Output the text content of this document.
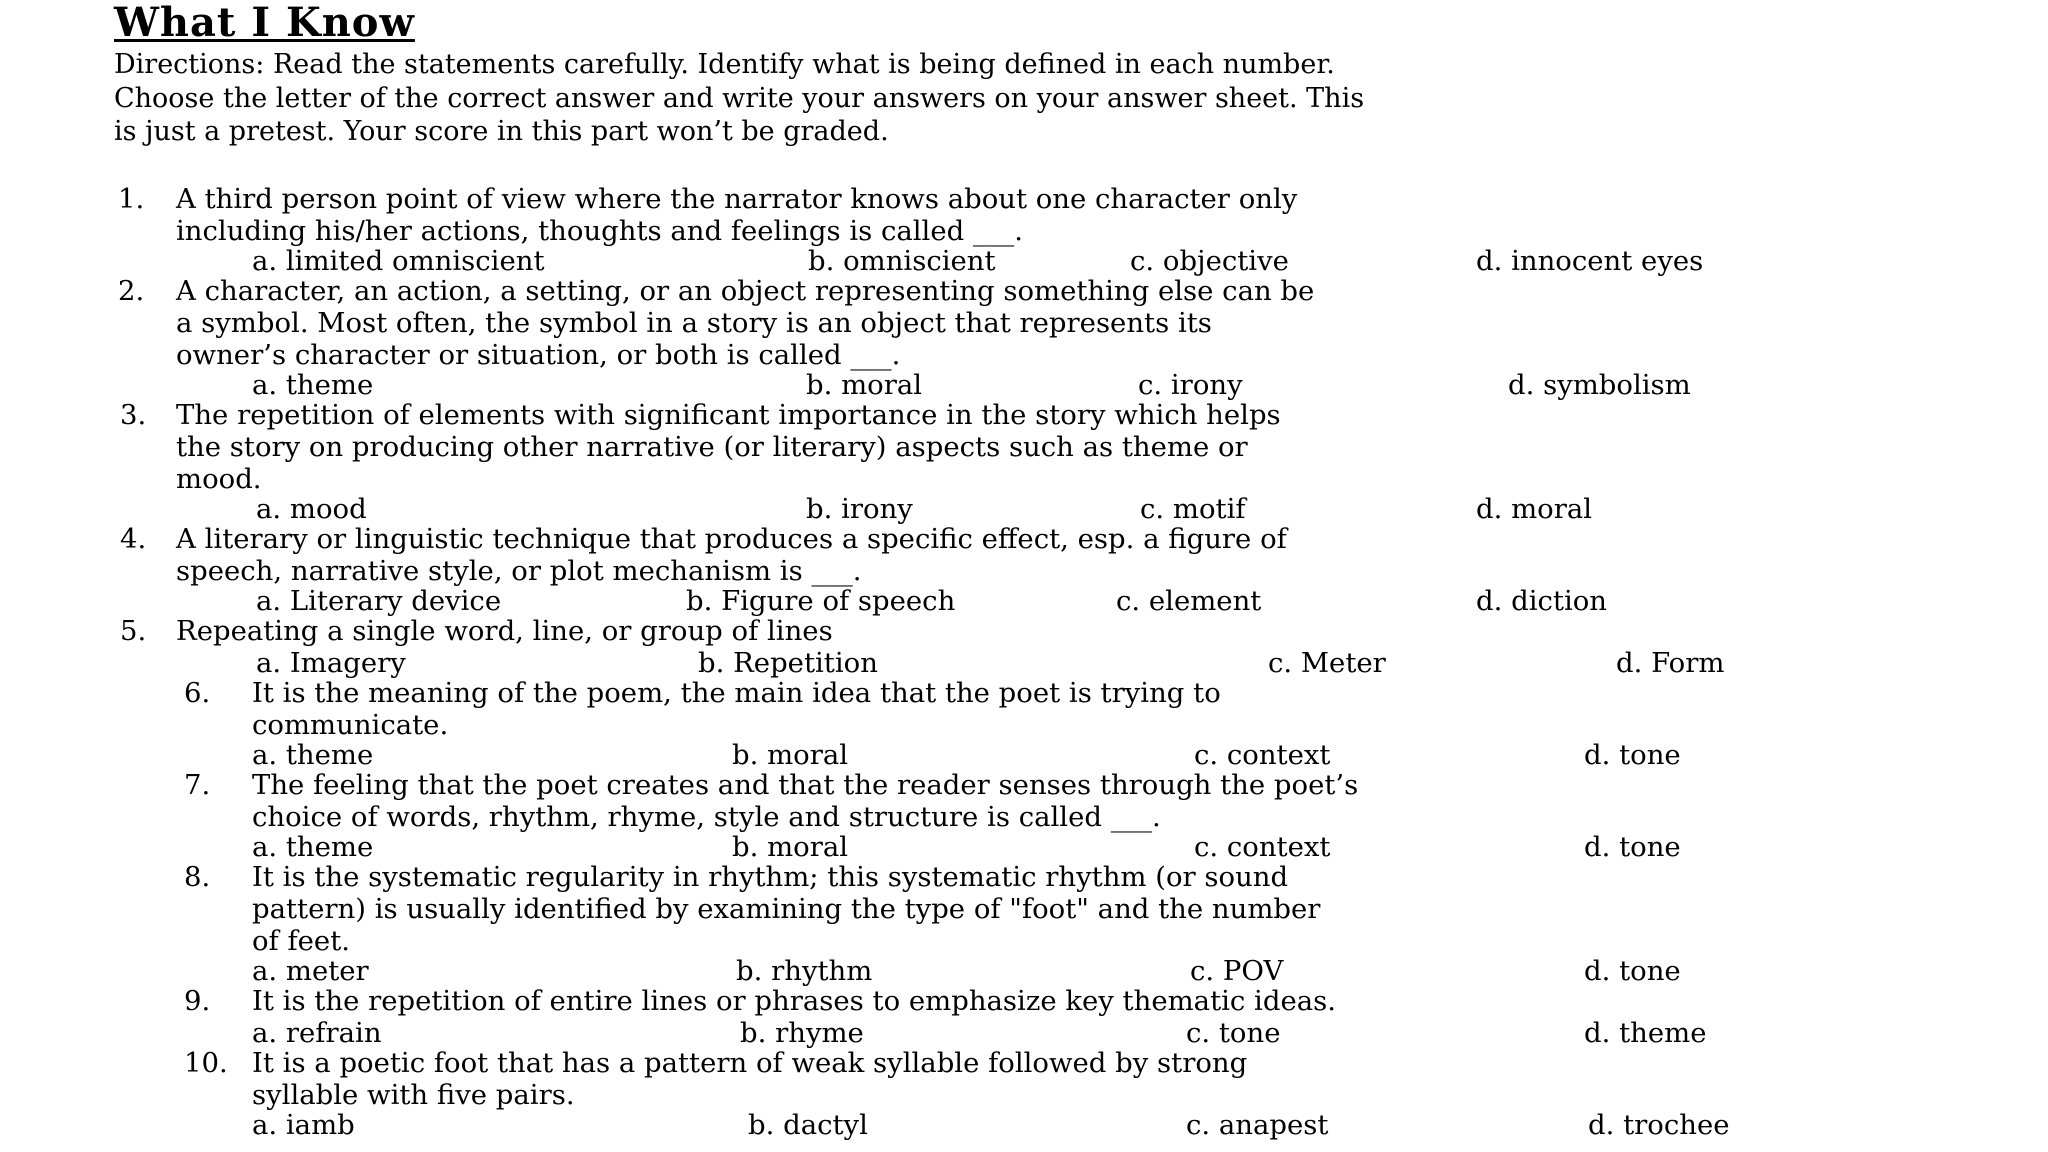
What I Know
Directions: Read the statements carefully. Identify what is being defined in each number.
Choose the letter of the correct answer and write your answers on your answer sheet. This
is just a pretest. Your score in this part won’t be graded.
1. A third person point of view where the narrator knows about one character only
including his/her actions, thoughts and feelings is called ___.
a. limited omniscient	b. omniscient	c. objective	d. innocent eyes
2. A character, an action, a setting, or an object representing something else can be
a symbol. Most often, the symbol in a story is an object that represents its
owner’s character or situation, or both is called ___.
a. theme	b. moral	c. irony	d. symbolism
3. The repetition of elements with significant importance in the story which helps
the story on producing other narrative (or literary) aspects such as theme or
mood.
a. mood	b. irony	c. motif	d. moral
4. A literary or linguistic technique that produces a specific effect, esp. a figure of
speech, narrative style, or plot mechanism is ___.
a. Literary device	b. Figure of speech	c. element	d. diction
5. Repeating a single word, line, or group of lines
a. Imagery	b. Repetition	c. Meter	d. Form
6. It is the meaning of the poem, the main idea that the poet is trying to
communicate.
a. theme	b. moral	c. context	d. tone
7. The feeling that the poet creates and that the reader senses through the poet’s
choice of words, rhythm, rhyme, style and structure is called ___.
a. theme	b. moral	c. context	d. tone
8. It is the systematic regularity in rhythm; this systematic rhythm (or sound
pattern) is usually identified by examining the type of "foot" and the number
of feet.
a. meter	b. rhythm	c. POV	d. tone
9. It is the repetition of entire lines or phrases to emphasize key thematic ideas.
a. refrain	b. rhyme	c. tone	d. theme
10. It is a poetic foot that has a pattern of weak syllable followed by strong
syllable with five pairs.
a. iamb	b. dactyl	c. anapest	d. trochee
